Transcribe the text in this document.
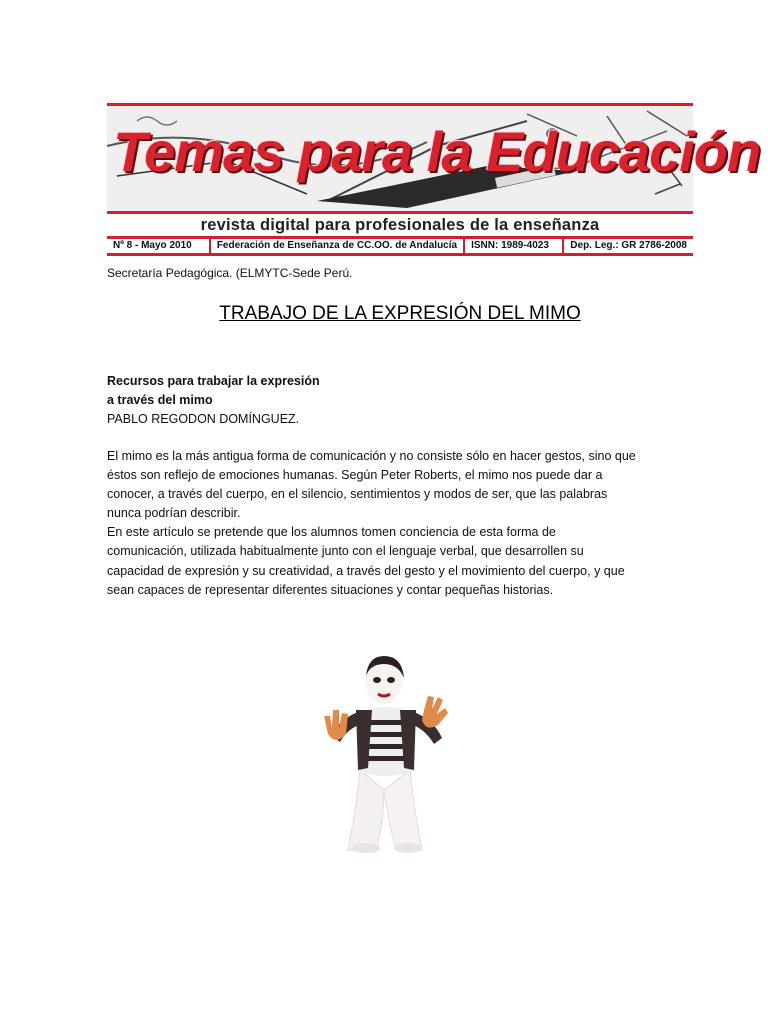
Temas para la Educación
revista digital para profesionales de la enseñanza
Nº 8 - Mayo 2010	Federación de Enseñanza de CC.OO. de Andalucía	ISNN: 1989-4023	Dep. Leg.: GR 2786-2008
Secretaría Pedagógica. (ELMYTC-Sede Perú.
TRABAJO DE LA EXPRESIÓN DEL MIMO
Recursos para trabajar la expresión
a través del mimo
PABLO REGODON DOMÍNGUEZ.

El mimo es la más antigua forma de comunicación y no consiste sólo en hacer gestos, sino que
éstos son reflejo de emociones humanas. Según Peter Roberts, el mimo nos puede dar a
conocer, a través del cuerpo, en el silencio, sentimientos y modos de ser, que las palabras
nunca podrían describir.

En este artículo se pretende que los alumnos tomen conciencia de esta forma de
comunicación, utilizada habitualmente junto con el lenguaje verbal, que desarrollen su
capacidad de expresión y su creatividad, a través del gesto y el movimiento del cuerpo, y que
sean capaces de representar diferentes situaciones y contar pequeñas historias.
